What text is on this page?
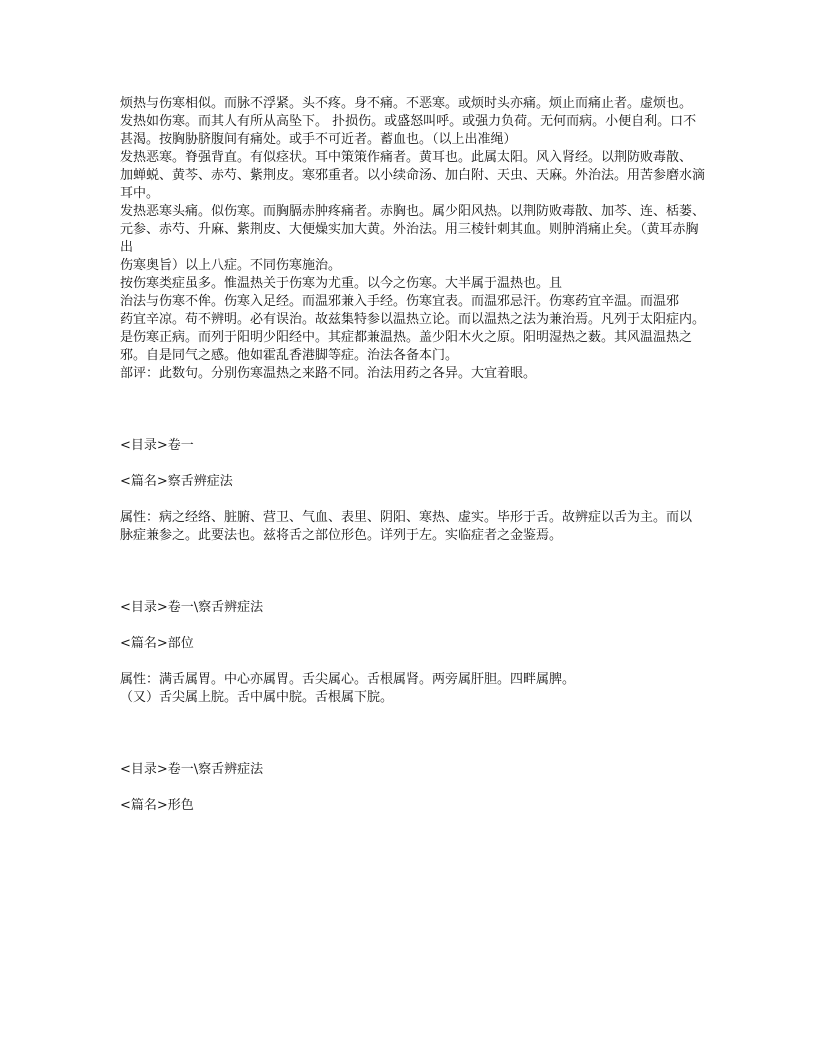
烦热与伤寒相似。而脉不浮紧。头不疼。身不痛。不恶寒。或烦时头亦痛。烦止而痛止者。虚烦也。

发热如伤寒。而其人有所从高坠下。 扑损伤。或盛怒叫呼。或强力负荷。无何而病。小便自利。口不甚渴。按胸胁脐腹间有痛处。或手不可近者。蓄血也。（以上出准绳）

发热恶寒。脊强背直。有似痉状。耳中策策作痛者。黄耳也。此属太阳。风入肾经。以荆防败毒散、

加蝉蜕、黄芩、赤芍、紫荆皮。寒邪重者。以小续命汤、加白附、天虫、天麻。外治法。用苦参磨水滴耳中。

发热恶寒头痛。似伤寒。而胸膈赤肿疼痛者。赤胸也。属少阳风热。以荆防败毒散、加芩、连、栝蒌、

元参、赤芍、升麻、紫荆皮、大便燥实加大黄。外治法。用三棱针刺其血。则肿消痛止矣。（黄耳赤胸出

伤寒奥旨）以上八症。不同伤寒施治。

按伤寒类症虽多。惟温热关于伤寒为尤重。以今之伤寒。大半属于温热也。且

治法与伤寒不侔。伤寒入足经。而温邪兼入手经。伤寒宜表。而温邪忌汗。伤寒药宜辛温。而温邪

药宜辛凉。苟不辨明。必有误治。故兹集特参以温热立论。而以温热之法为兼治焉。凡列于太阳症内。

是伤寒正病。而列于阳明少阳经中。其症都兼温热。盖少阳木火之原。阳明湿热之薮。其风温温热之

邪。自是同气之感。他如霍乱香港脚等症。治法各备本门。

部评：此数句。分别伤寒温热之来路不同。治法用药之各异。大宜着眼。

<目录>卷一

<篇名>察舌辨症法

属性：病之经络、脏腑、营卫、气血、表里、阴阳、寒热、虚实。毕形于舌。故辨症以舌为主。而以

脉症兼参之。此要法也。兹将舌之部位形色。详列于左。实临症者之金鉴焉。

<目录>卷一\察舌辨症法

<篇名>部位

属性：满舌属胃。中心亦属胃。舌尖属心。舌根属肾。两旁属肝胆。四畔属脾。

（又）舌尖属上脘。舌中属中脘。舌根属下脘。

<目录>卷一\察舌辨症法

<篇名>形色
